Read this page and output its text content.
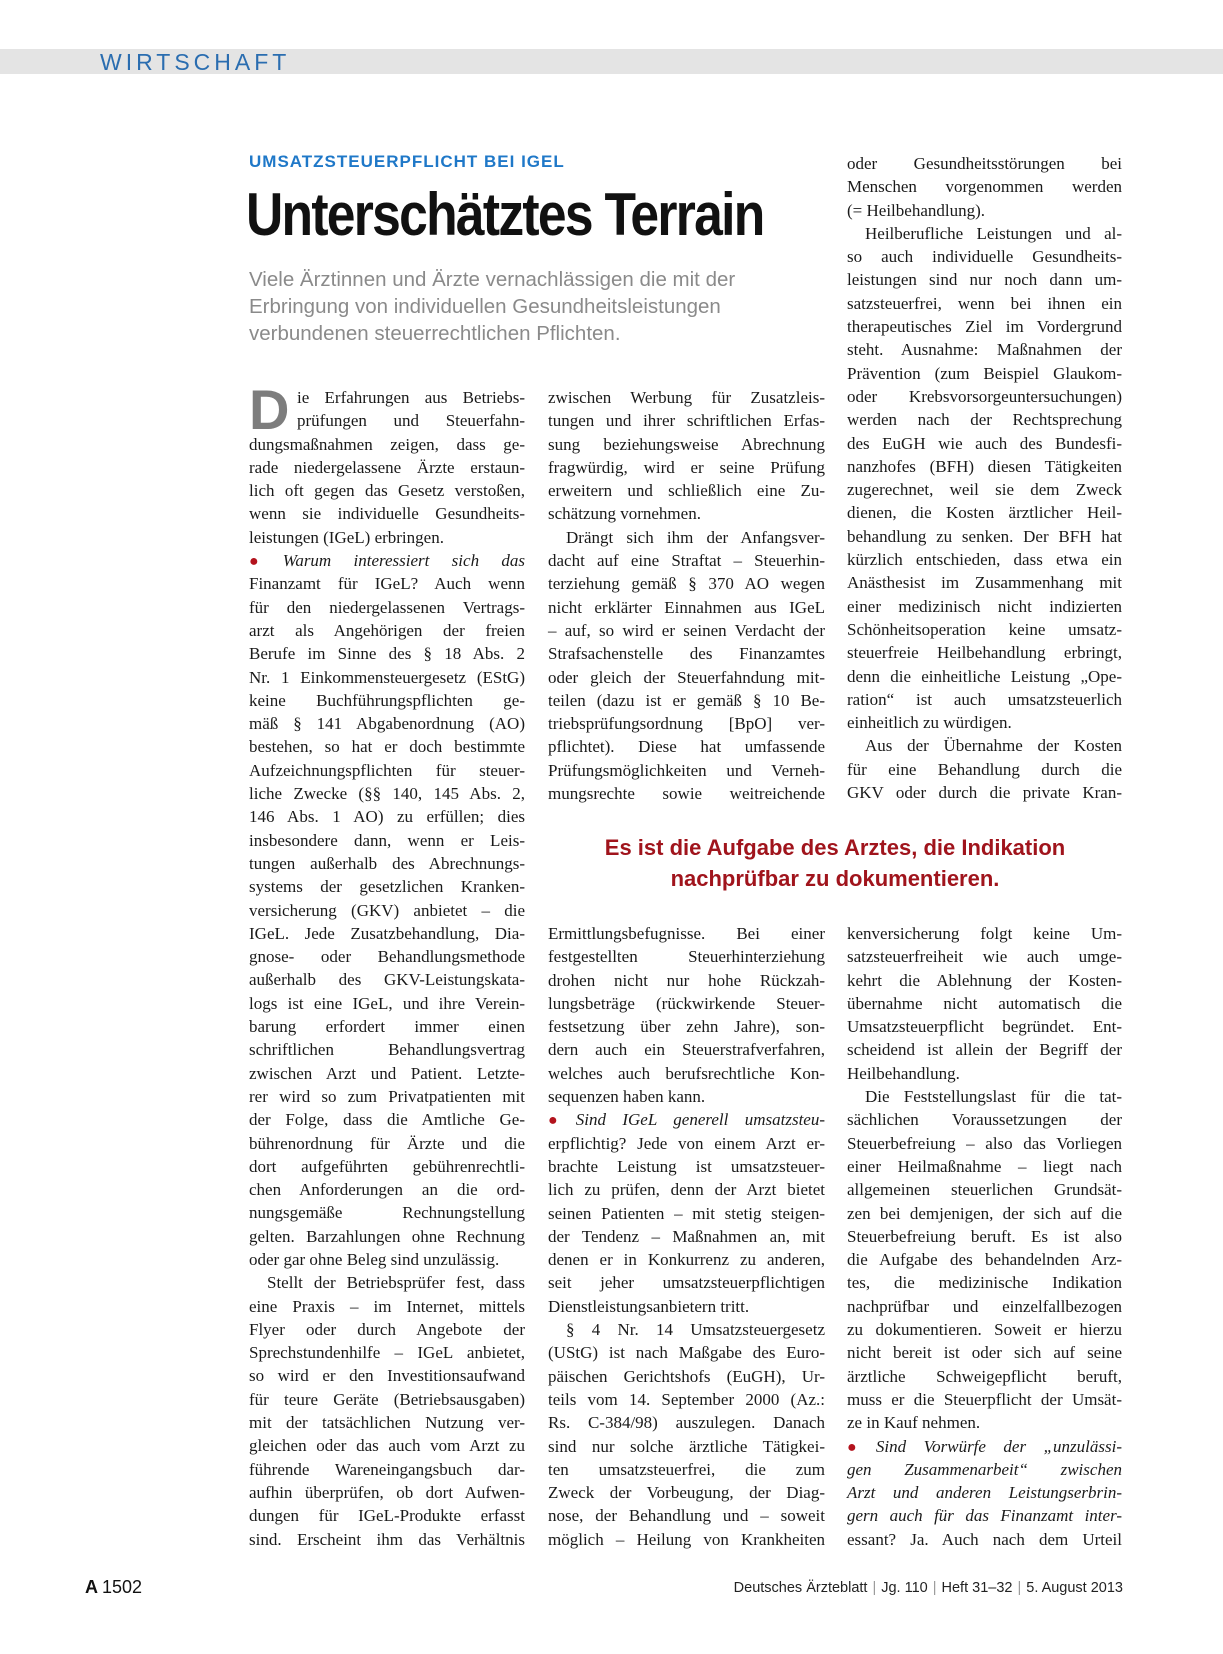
WIRTSCHAFT
UMSATZSTEUERPFLICHT BEI IGEL
Unterschätztes Terrain
Viele Ärztinnen und Ärzte vernachlässigen die mit der
Erbringung von individuellen Gesundheitsleistungen
verbundenen steuerrechtlichen Pflichten.
D ie Erfahrungen aus Betriebs-
prüfungen und Steuerfahn-
dungsmaßnahmen zeigen, dass ge-
rade niedergelassene Ärzte erstaun-
lich oft gegen das Gesetz verstoßen,
wenn sie individuelle Gesundheits-
leistungen (IGeL) erbringen.
● Warum interessiert sich das
Finanzamt für IGeL? Auch wenn
für den niedergelassenen Vertrags-
arzt als Angehörigen der freien
Berufe im Sinne des § 18 Abs. 2
Nr. 1 Einkommensteuergesetz (EStG)
keine Buchführungspflichten ge-
mäß § 141 Abgabenordnung (AO)
bestehen, so hat er doch bestimmte
Aufzeichnungspflichten für steuer-
liche Zwecke (§§ 140, 145 Abs. 2,
146 Abs. 1 AO) zu erfüllen; dies
insbesondere dann, wenn er Leis-
tungen außerhalb des Abrechnungs-
systems der gesetzlichen Kranken-
versicherung (GKV) anbietet – die
IGeL. Jede Zusatzbehandlung, Dia-
gnose- oder Behandlungsmethode
außerhalb des GKV-Leistungskata-
logs ist eine IGeL, und ihre Verein-
barung erfordert immer einen
schriftlichen Behandlungsvertrag
zwischen Arzt und Patient. Letzte-
rer wird so zum Privatpatienten mit
der Folge, dass die Amtliche Ge-
bührenordnung für Ärzte und die
dort aufgeführten gebührenrechtli-
chen Anforderungen an die ord-
nungsgemäße Rechnungstellung
gelten. Barzahlungen ohne Rechnung
oder gar ohne Beleg sind unzulässig.
Stellt der Betriebsprüfer fest, dass
eine Praxis – im Internet, mittels
Flyer oder durch Angebote der
Sprechstundenhilfe – IGeL anbietet,
so wird er den Investitionsaufwand
für teure Geräte (Betriebsausgaben)
mit der tatsächlichen Nutzung ver-
gleichen oder das auch vom Arzt zu
führende Wareneingangsbuch dar-
aufhin überprüfen, ob dort Aufwen-
dungen für IGeL-Produkte erfasst
sind. Erscheint ihm das Verhältnis
zwischen Werbung für Zusatzleis-
tungen und ihrer schriftlichen Erfas-
sung beziehungsweise Abrechnung
fragwürdig, wird er seine Prüfung
erweitern und schließlich eine Zu-
schätzung vornehmen.
Drängt sich ihm der Anfangsver-
dacht auf eine Straftat – Steuerhin-
terziehung gemäß § 370 AO wegen
nicht erklärter Einnahmen aus IGeL
– auf, so wird er seinen Verdacht der
Strafsachenstelle des Finanzamtes
oder gleich der Steuerfahndung mit-
teilen (dazu ist er gemäß § 10 Be-
triebsprüfungsordnung [BpO] ver-
pflichtet). Diese hat umfassende
Prüfungsmöglichkeiten und Verneh-
mungsrechte sowie weitreichende
oder Gesundheitsstörungen bei
Menschen vorgenommen werden
(= Heilbehandlung).
Heilberufliche Leistungen und al-
so auch individuelle Gesundheits-
leistungen sind nur noch dann um-
satzsteuerfrei, wenn bei ihnen ein
therapeutisches Ziel im Vordergrund
steht. Ausnahme: Maßnahmen der
Prävention (zum Beispiel Glaukom-
oder Krebsvorsorgeuntersuchungen)
werden nach der Rechtsprechung
des EuGH wie auch des Bundesfi-
nanzhofes (BFH) diesen Tätigkeiten
zugerechnet, weil sie dem Zweck
dienen, die Kosten ärztlicher Heil-
behandlung zu senken. Der BFH hat
kürzlich entschieden, dass etwa ein
Anästhesist im Zusammenhang mit
einer medizinisch nicht indizierten
Schönheitsoperation keine umsatz-
steuerfreie Heilbehandlung erbringt,
denn die einheitliche Leistung „Ope-
ration“ ist auch umsatzsteuerlich
einheitlich zu würdigen.
Aus der Übernahme der Kosten
für eine Behandlung durch die
GKV oder durch die private Kran-
Es ist die Aufgabe des Arztes, die Indikation
nachprüfbar zu dokumentieren.
Ermittlungsbefugnisse. Bei einer
festgestellten Steuerhinterziehung
drohen nicht nur hohe Rückzah-
lungsbeträge (rückwirkende Steuer-
festsetzung über zehn Jahre), son-
dern auch ein Steuerstrafverfahren,
welches auch berufsrechtliche Kon-
sequenzen haben kann.
● Sind IGeL generell umsatzsteu-
erpflichtig? Jede von einem Arzt er-
brachte Leistung ist umsatzsteuer-
lich zu prüfen, denn der Arzt bietet
seinen Patienten – mit stetig steigen-
der Tendenz – Maßnahmen an, mit
denen er in Konkurrenz zu anderen,
seit jeher umsatzsteuerpflichtigen
Dienstleistungsanbietern tritt.
§ 4 Nr. 14 Umsatzsteuergesetz
(UStG) ist nach Maßgabe des Euro-
päischen Gerichtshofs (EuGH), Ur-
teils vom 14. September 2000 (Az.:
Rs. C-384/98) auszulegen. Danach
sind nur solche ärztliche Tätigkei-
ten umsatzsteuerfrei, die zum
Zweck der Vorbeugung, der Diag-
nose, der Behandlung und – soweit
möglich – Heilung von Krankheiten
kenversicherung folgt keine Um-
satzsteuerfreiheit wie auch umge-
kehrt die Ablehnung der Kosten-
übernahme nicht automatisch die
Umsatzsteuerpflicht begründet. Ent-
scheidend ist allein der Begriff der
Heilbehandlung.
Die Feststellungslast für die tat-
sächlichen Voraussetzungen der
Steuerbefreiung – also das Vorliegen
einer Heilmaßnahme – liegt nach
allgemeinen steuerlichen Grundsät-
zen bei demjenigen, der sich auf die
Steuerbefreiung beruft. Es ist also
die Aufgabe des behandelnden Arz-
tes, die medizinische Indikation
nachprüfbar und einzelfallbezogen
zu dokumentieren. Soweit er hierzu
nicht bereit ist oder sich auf seine
ärztliche Schweigepflicht beruft,
muss er die Steuerpflicht der Umsät-
ze in Kauf nehmen.
● Sind Vorwürfe der „unzulässi-
gen Zusammenarbeit“ zwischen
Arzt und anderen Leistungserbrin-
gern auch für das Finanzamt inter-
essant? Ja. Auch nach dem Urteil
A 1502	Deutsches Ärzteblatt | Jg. 110 | Heft 31–32 | 5. August 2013
